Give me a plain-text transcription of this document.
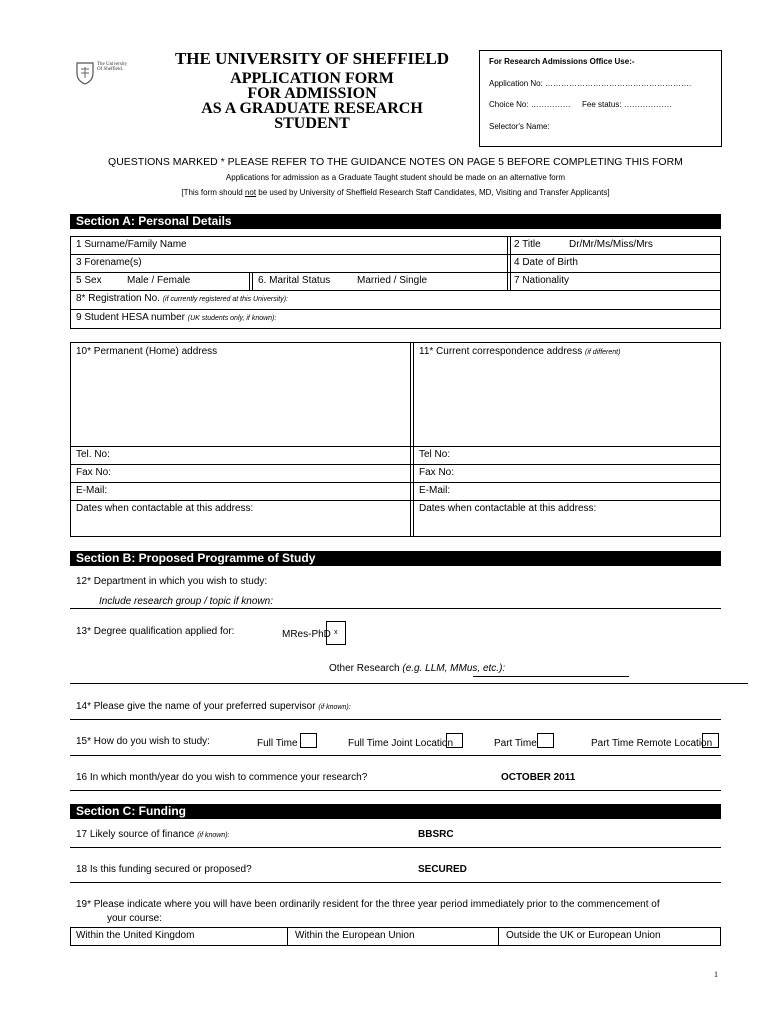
The University Of Sheffield.
THE UNIVERSITY OF SHEFFIELD
APPLICATION FORM
FOR ADMISSION
AS A GRADUATE RESEARCH
STUDENT
For Research Admissions Office Use:-
Application No: ……………………………………………….
Choice No: …………… Fee status: ………………
Selector's Name:
QUESTIONS MARKED * PLEASE REFER TO THE GUIDANCE NOTES ON PAGE 5 BEFORE COMPLETING THIS FORM
Applications for admission as a Graduate Taught student should be made on an alternative form
[This form should not be used by University of Sheffield Research Staff Candidates, MD, Visiting and Transfer Applicants]
Section A: Personal Details
1 Surname/Family Name	2 Title	Dr/Mr/Ms/Miss/Mrs
3 Forename(s)	4 Date of Birth
5 Sex	Male / Female	6. Marital Status	Married / Single	7 Nationality
8* Registration No. (if currently registered at this University):
9 Student HESA number (UK students only, if known):
10* Permanent (Home) address	11* Current correspondence address (if different)
Tel. No:	Tel No:
Fax No:	Fax No:
E-Mail:	E-Mail:
Dates when contactable at this address:	Dates when contactable at this address:
Section B: Proposed Programme of Study
12* Department in which you wish to study:
Include research group / topic if known:
13* Degree qualification applied for:	MRes-PhD x
Other Research (e.g. LLM, MMus, etc.):
14* Please give the name of your preferred supervisor (if known):
15* How do you wish to study:	Full Time	Full Time Joint Location	Part Time	Part Time Remote Location
16 In which month/year do you wish to commence your research?	OCTOBER 2011
Section C: Funding
17 Likely source of finance (if known):	BBSRC
18 Is this funding secured or proposed?	SECURED
19* Please indicate where you will have been ordinarily resident for the three year period immediately prior to the commencement of
your course:
Within the United Kingdom	Within the European Union	Outside the UK or European Union
1
